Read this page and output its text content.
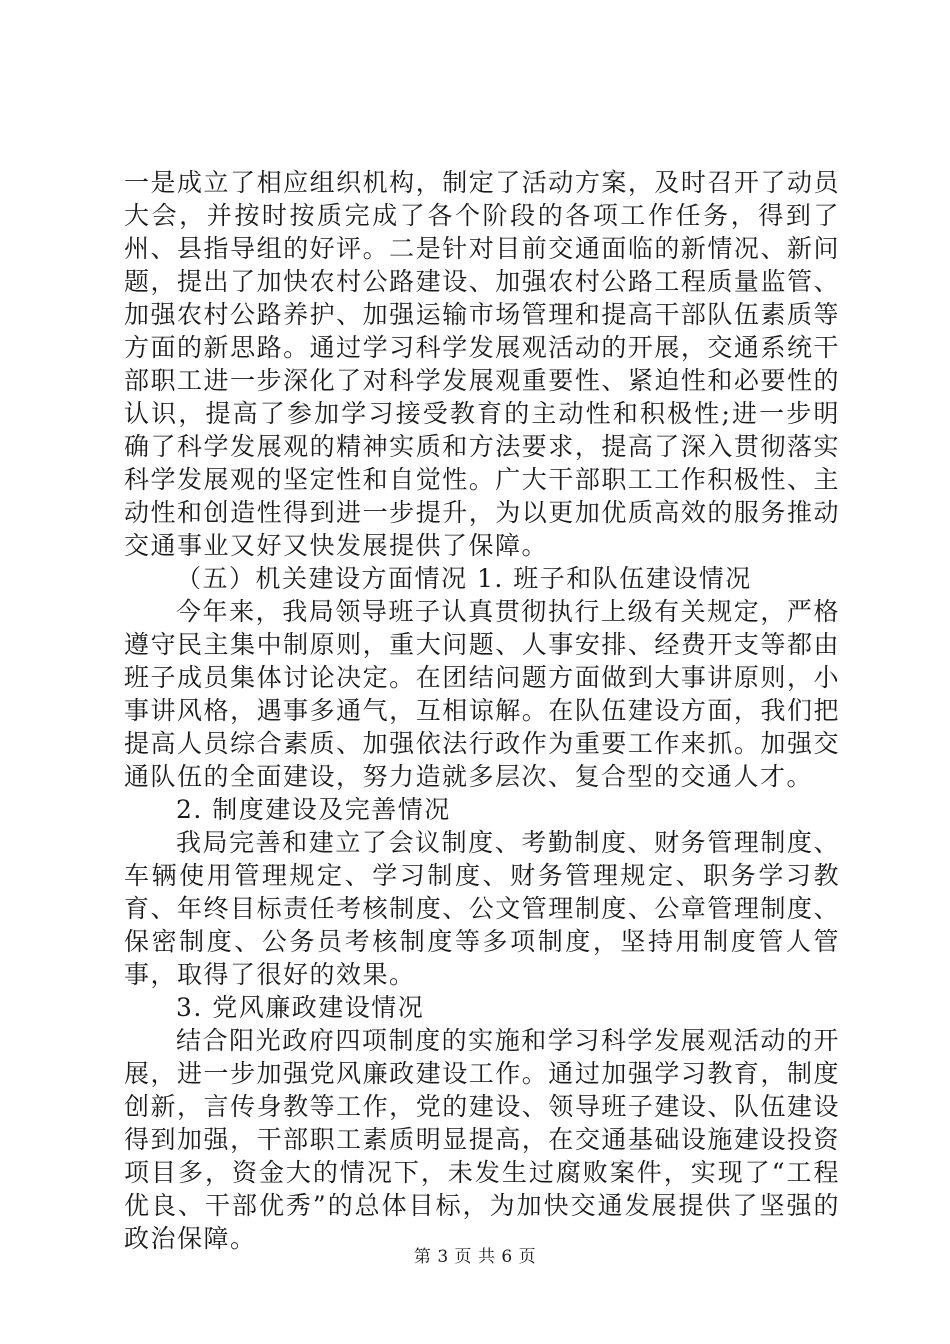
一是成立了相应组织机构，制定了活动方案，及时召开了动员大会，并按时按质完成了各个阶段的各项工作任务，得到了州、县指导组的好评。二是针对目前交通面临的新情况、新问题，提出了加快农村公路建设、加强农村公路工程质量监管、加强农村公路养护、加强运输市场管理和提高干部队伍素质等方面的新思路。通过学习科学发展观活动的开展，交通系统干部职工进一步深化了对科学发展观重要性、紧迫性和必要性的认识，提高了参加学习接受教育的主动性和积极性;进一步明确了科学发展观的精神实质和方法要求，提高了深入贯彻落实科学发展观的坚定性和自觉性。广大干部职工工作积极性、主动性和创造性得到进一步提升，为以更加优质高效的服务推动交通事业又好又快发展提供了保障。

（五）机关建设方面情况 1. 班子和队伍建设情况

今年来，我局领导班子认真贯彻执行上级有关规定，严格遵守民主集中制原则，重大问题、人事安排、经费开支等都由班子成员集体讨论决定。在团结问题方面做到大事讲原则，小事讲风格，遇事多通气，互相谅解。在队伍建设方面，我们把提高人员综合素质、加强依法行政作为重要工作来抓。加强交通队伍的全面建设，努力造就多层次、复合型的交通人才。

2. 制度建设及完善情况

我局完善和建立了会议制度、考勤制度、财务管理制度、车辆使用管理规定、学习制度、财务管理规定、职务学习教育、年终目标责任考核制度、公文管理制度、公章管理制度、保密制度、公务员考核制度等多项制度，坚持用制度管人管事，取得了很好的效果。

3. 党风廉政建设情况

结合阳光政府四项制度的实施和学习科学发展观活动的开展，进一步加强党风廉政建设工作。通过加强学习教育，制度创新，言传身教等工作，党的建设、领导班子建设、队伍建设得到加强，干部职工素质明显提高，在交通基础设施建设投资项目多，资金大的情况下，未发生过腐败案件，实现了“工程优良、干部优秀”的总体目标，为加快交通发展提供了坚强的政治保障。

第 3 页 共 6 页
